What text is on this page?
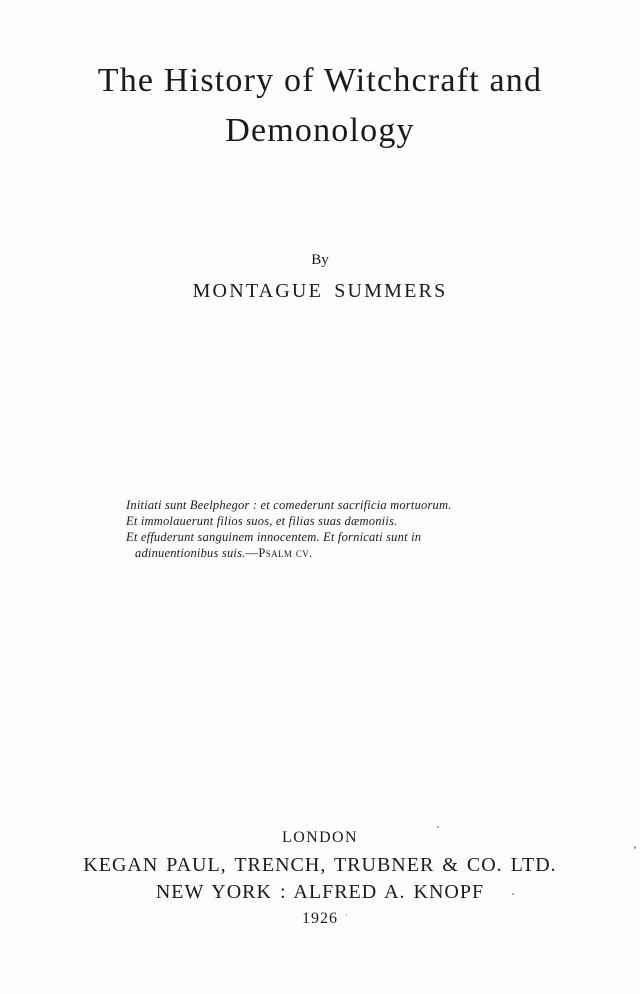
The History of Witchcraft and
Demonology

By

MONTAGUE SUMMERS

Initiati sunt Beelphegor : et comederunt sacrificia mortuorum.
Et immolauerunt filios suos, et filias suas dæmoniis.
Et effuderunt sanguinem innocentem. Et fornicati sunt in
adinuentionibus suis.—Psalm cv.

LONDON

KEGAN PAUL, TRENCH, TRUBNER & CO. LTD.

NEW YORK : ALFRED A. KNOPF

1926
